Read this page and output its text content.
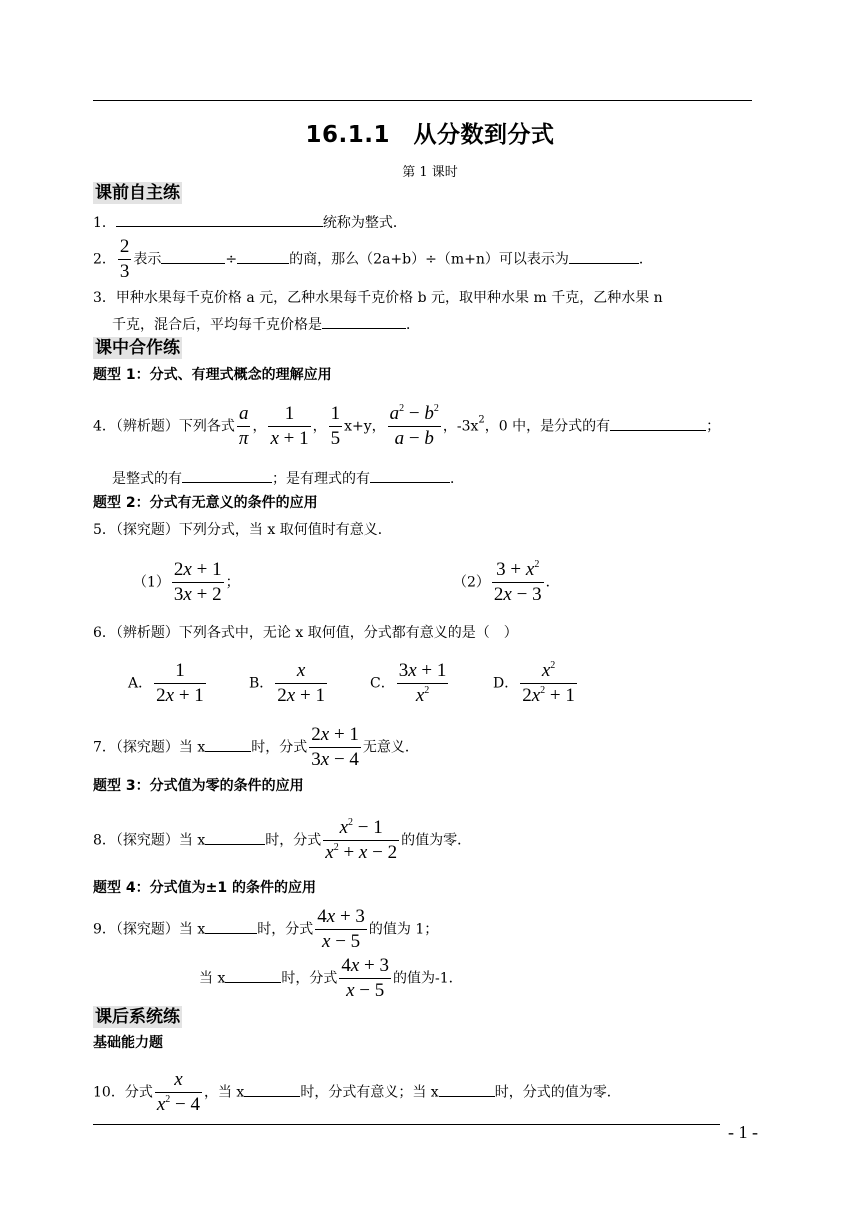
16.1.1　从分数到分式
第 1 课时
课前自主练
1．	统称为整式．
2． $\frac{2}{3}$ 表示	÷	的商，那么（2a+b）÷（m+n）可以表示为	．
3．甲种水果每千克价格 a 元，乙种水果每千克价格 b 元，取甲种水果 m 千克，乙种水果 n
千克，混合后，平均每千克价格是	．
课中合作练
题型 1：分式、有理式概念的理解应用
4．（辨析题）下列各式 $\frac{a}{\pi}$ ， $\frac{1}{x + 1}$ ， $\frac{1}{5} x+y$， $\frac{a^2 - b^2}{a - b}$ ，$-3x^2$，0 中，是分式的有	；
是整式的有	；是有理式的有	．
题型 2：分式有无意义的条件的应用
5．（探究题）下列分式，当 x 取何值时有意义．
$(1) \frac{2x + 1}{3x + 2}$ ；	$(2) \frac{3 + x^2}{2x - 3}$ ．
6．（辨析题）下列各式中，无论 x 取何值，分式都有意义的是（　）
A． $\frac{1}{2x + 1}$	B． $\frac{x}{2x + 1}$	C． $\frac{3x + 1}{x^2}$	D． $\frac{x^2}{2x^2 + 1}$
7．（探究题）当 x	时，分式 $\frac{2x + 1}{3x - 4}$ 无意义．
题型 3：分式值为零的条件的应用
8．（探究题）当 x	时，分式 $\frac{x^2 - 1}{x^2 + x - 2}$ 的值为零．
题型 4：分式值为±1 的条件的应用
9．（探究题）当 x	时，分式 $\frac{4x + 3}{x - 5}$ 的值为 1；
当 x	时，分式 $\frac{4x + 3}{x - 5}$ 的值为-1．
课后系统练
基础能力题
10．分式 $\frac{x}{x^2 - 4}$ ，当 x	时，分式有意义；当 x	时，分式的值为零．
- 1 -
